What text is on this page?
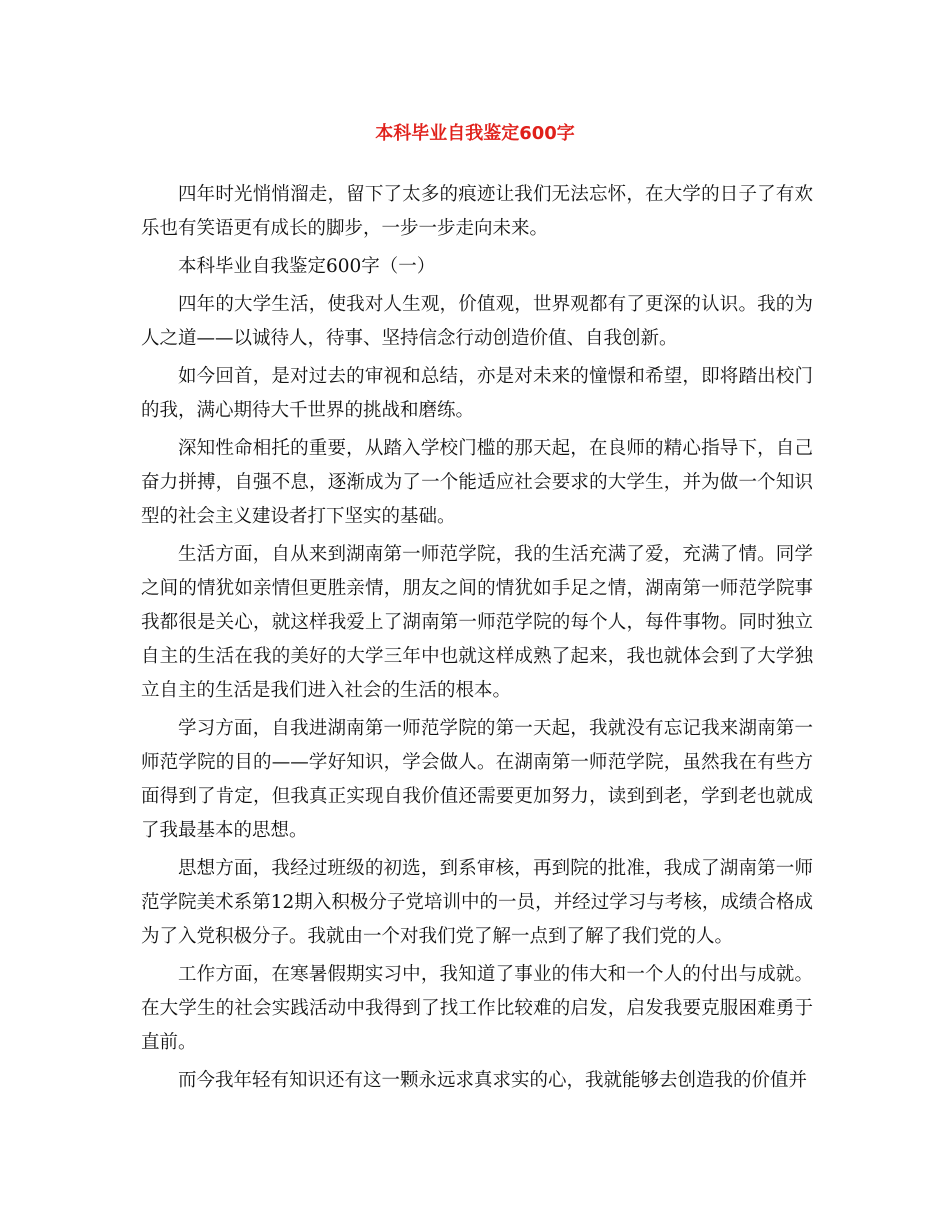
本科毕业自我鉴定600字

四年时光悄悄溜走，留下了太多的痕迹让我们无法忘怀，在大学的日子了有欢乐也有笑语更有成长的脚步，一步一步走向未来。

本科毕业自我鉴定600字（一）

四年的大学生活，使我对人生观，价值观，世界观都有了更深的认识。我的为人之道——以诚待人，待事、坚持信念行动创造价值、自我创新。

如今回首，是对过去的审视和总结，亦是对未来的憧憬和希望，即将踏出校门的我，满心期待大千世界的挑战和磨练。

深知性命相托的重要，从踏入学校门槛的那天起，在良师的精心指导下，自己奋力拼搏，自强不息，逐渐成为了一个能适应社会要求的大学生，并为做一个知识型的社会主义建设者打下坚实的基础。

生活方面，自从来到湖南第一师范学院，我的生活充满了爱，充满了情。同学之间的情犹如亲情但更胜亲情，朋友之间的情犹如手足之情，湖南第一师范学院事我都很是关心，就这样我爱上了湖南第一师范学院的每个人，每件事物。同时独立自主的生活在我的美好的大学三年中也就这样成熟了起来，我也就体会到了大学独立自主的生活是我们进入社会的生活的根本。

学习方面，自我进湖南第一师范学院的第一天起，我就没有忘记我来湖南第一师范学院的目的——学好知识，学会做人。在湖南第一师范学院，虽然我在有些方面得到了肯定，但我真正实现自我价值还需要更加努力，读到到老，学到老也就成了我最基本的思想。

思想方面，我经过班级的初选，到系审核，再到院的批准，我成了湖南第一师范学院美术系第12期入积极分子党培训中的一员，并经过学习与考核，成绩合格成为了入党积极分子。我就由一个对我们党了解一点到了解了我们党的人。

工作方面，在寒暑假期实习中，我知道了事业的伟大和一个人的付出与成就。在大学生的社会实践活动中我得到了找工作比较难的启发，启发我要克服困难勇于直前。

而今我年轻有知识还有这一颗永远求真求实的心，我就能够去创造我的价值并
